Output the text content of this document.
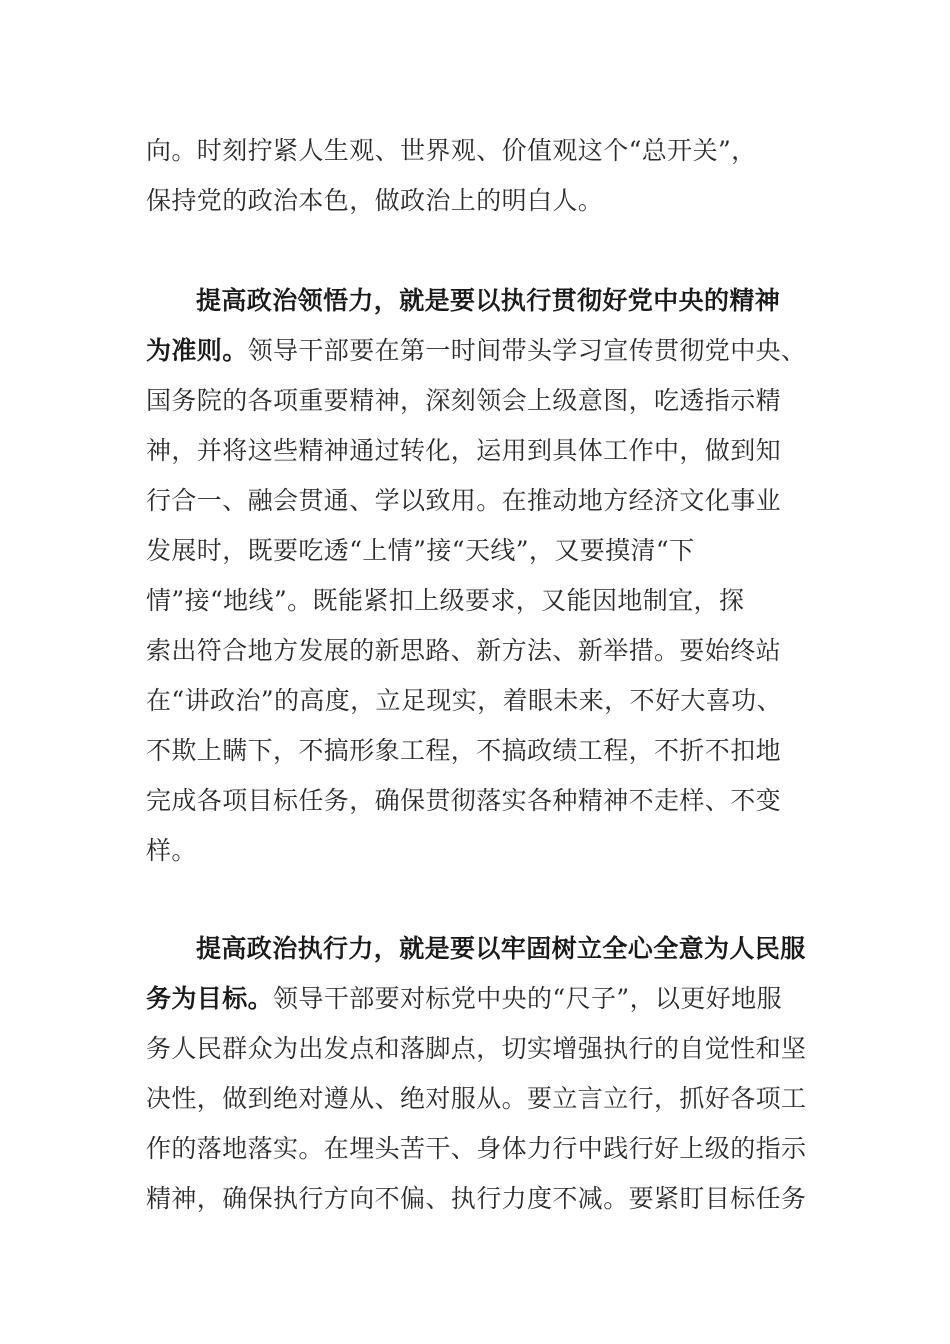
向。时刻拧紧人生观、世界观、价值观这个“总开关”，
保持党的政治本色，做政治上的明白人。
提高政治领悟力，就是要以执行贯彻好党中央的精神
为准则。领导干部要在第一时间带头学习宣传贯彻党中央、
国务院的各项重要精神，深刻领会上级意图，吃透指示精
神，并将这些精神通过转化，运用到具体工作中，做到知
行合一、融会贯通、学以致用。在推动地方经济文化事业
发展时，既要吃透“上情”接“天线”，又要摸清“下
情”接“地线”。既能紧扣上级要求，又能因地制宜，探
索出符合地方发展的新思路、新方法、新举措。要始终站
在“讲政治”的高度，立足现实，着眼未来，不好大喜功、
不欺上瞒下，不搞形象工程，不搞政绩工程，不折不扣地
完成各项目标任务，确保贯彻落实各种精神不走样、不变
样。
提高政治执行力，就是要以牢固树立全心全意为人民服
务为目标。领导干部要对标党中央的“尺子”，以更好地服
务人民群众为出发点和落脚点，切实增强执行的自觉性和坚
决性，做到绝对遵从、绝对服从。要立言立行，抓好各项工
作的落地落实。在埋头苦干、身体力行中践行好上级的指示
精神，确保执行方向不偏、执行力度不减。要紧盯目标任务
